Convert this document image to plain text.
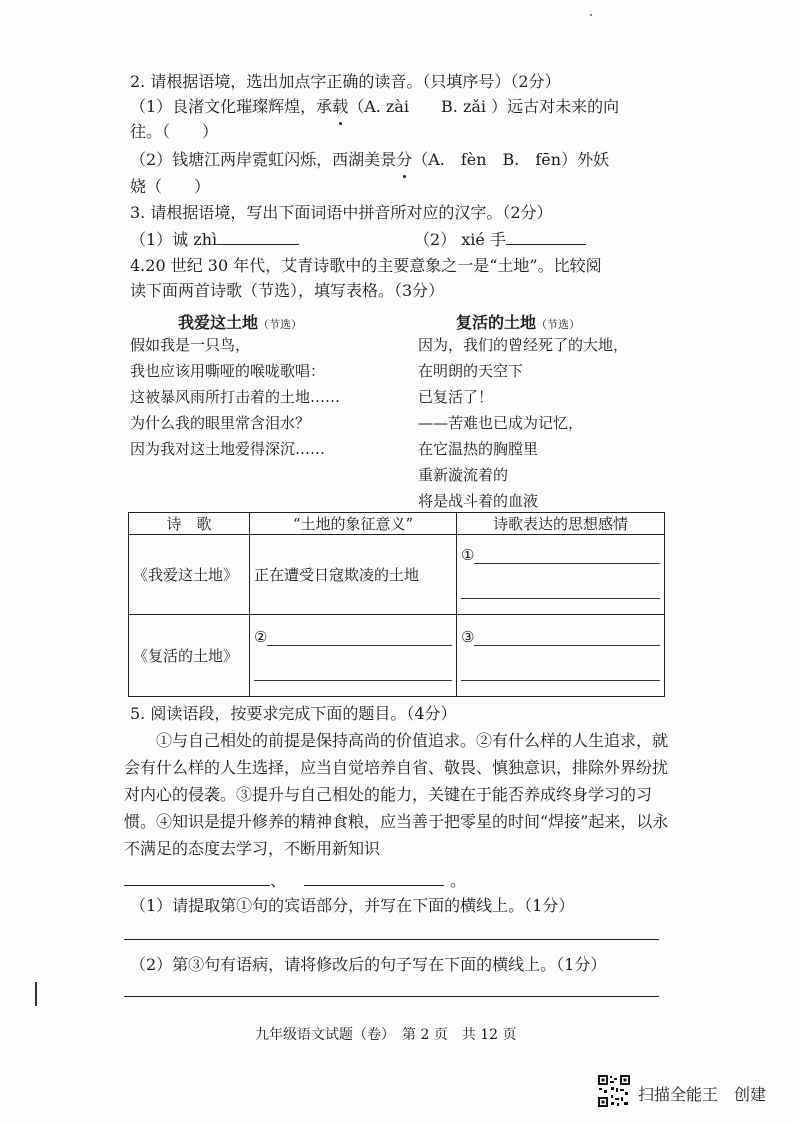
2. 请根据语境，选出加点字正确的读音。（只填序号）（2分）
（1）良渚文化璀璨辉煌，承载（A. zài　　B. zǎi ）远古对未来的向
往。（　　）
（2）钱塘江两岸霓虹闪烁，西湖美景分（A.　fèn　B.　fēn）外妖
娆（　　）
3. 请根据语境，写出下面词语中拼音所对应的汉字。（2分）
（1）诚 zhì	（2） xié 手
4.20 世纪 30 年代，艾青诗歌中的主要意象之一是“土地”。比较阅
读下面两首诗歌（节选），填写表格。（3分）
我爱这土地（节选）
假如我是一只鸟，
我也应该用嘶哑的喉咙歌唱：
这被暴风雨所打击着的土地……
为什么我的眼里常含泪水？
因为我对这土地爱得深沉……
复活的土地（节选）
因为，我们的曾经死了的大地，
在明朗的天空下
已复活了！
——苦难也已成为记忆，
在它温热的胸膛里
重新漩流着的
将是战斗着的血液
诗　歌	“土地的象征意义”	诗歌表达的思想感情
《我爱这土地》	正在遭受日寇欺凌的土地	①

《复活的土地》	②	③
5. 阅读语段，按要求完成下面的题目。（4分）
①与自己相处的前提是保持高尚的价值追求。②有什么样的人生追求，就会有什么样的人生选择，应当自觉培养自省、敬畏、慎独意识，排除外界纷扰对内心的侵袭。③提升与自己相处的能力，关键在于能否养成终身学习的习惯。④知识是提升修养的精神食粮，应当善于把零星的时间“焊接”起来，以永不满足的态度去学习，不断用新知识
、	。
（1）请提取第①句的宾语部分，并写在下面的横线上。（1分）
（2）第③句有语病，请将修改后的句子写在下面的横线上。（1分）
九年级语文试题（卷）　第 2 页　共 12 页
扫描全能王　创建
